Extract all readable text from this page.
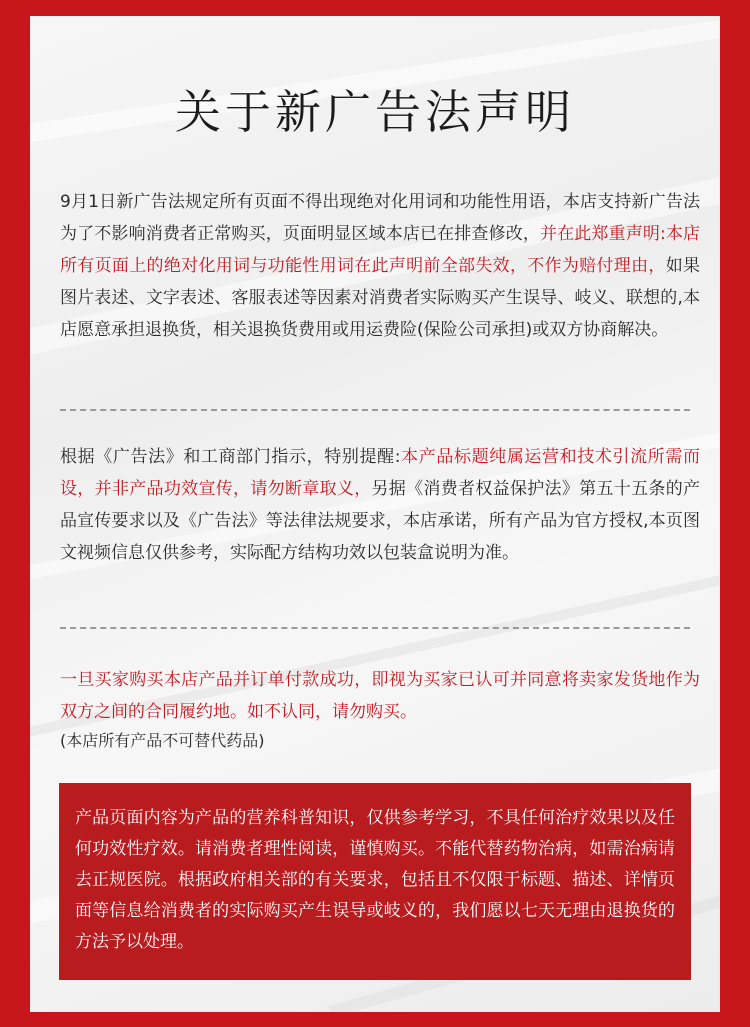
关于新广告法声明

9月1日新广告法规定所有页面不得出现绝对化用词和功能性用语，本店支持新广告法为了不影响消费者正常购买，页面明显区域本店已在排查修改，并在此郑重声明:本店所有页面上的绝对化用词与功能性用词在此声明前全部失效，不作为赔付理由，如果图片表述、文字表述、客服表述等因素对消费者实际购买产生误导、岐义、联想的,本店愿意承担退换货，相关退换货费用或用运费险(保险公司承担)或双方协商解决。

根据《广告法》和工商部门指示，特别提醒:本产品标题纯属运营和技术引流所需而设，并非产品功效宣传，请勿断章取义，另据《消费者权益保护法》第五十五条的产品宣传要求以及《广告法》等法律法规要求，本店承诺，所有产品为官方授权,本页图文视频信息仅供参考，实际配方结构功效以包装盒说明为准。

一旦买家购买本店产品并订单付款成功，即视为买家已认可并同意将卖家发货地作为双方之间的合同履约地。如不认同，请勿购买。

(本店所有产品不可替代药品)

产品页面内容为产品的营养科普知识，仅供参考学习，不具任何治疗效果以及任何功效性疗效。请消费者理性阅读，谨慎购买。不能代替药物治病，如需治病请去正规医院。根据政府相关部的有关要求，包括且不仅限于标题、描述、详情页面等信息给消费者的实际购买产生误导或岐义的，我们愿以七天无理由退换货的方法予以处理。
